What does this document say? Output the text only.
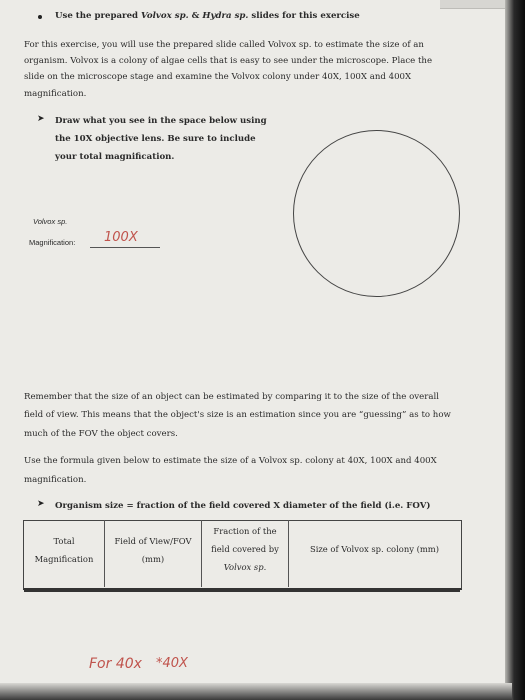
Use the prepared Volvox sp. & Hydra sp. slides for this exercise
For this exercise, you will use the prepared slide called Volvox sp. to estimate the size of an
organism. Volvox is a colony of algae cells that is easy to see under the microscope. Place the
slide on the microscope stage and examine the Volvox colony under 40X, 100X and 400X
magnification.
➤ Draw what you see in the space below using
the 10X objective lens. Be sure to include
your total magnification.
Volvox sp.
Magnification: 100X
Remember that the size of an object can be estimated by comparing it to the size of the overall
field of view. This means that the object's size is an estimation since you are “guessing” as to how
much of the FOV the object covers.
Use the formula given below to estimate the size of a Volvox sp. colony at 40X, 100X and 400X
magnification.
➤ Organism size = fraction of the field covered X diameter of the field (i.e. FOV)
Total
Magnification
Field of View/FOV
(mm)
Fraction of the
field covered by
Volvox sp.
Size of Volvox sp. colony (mm)
For 40x *40X
